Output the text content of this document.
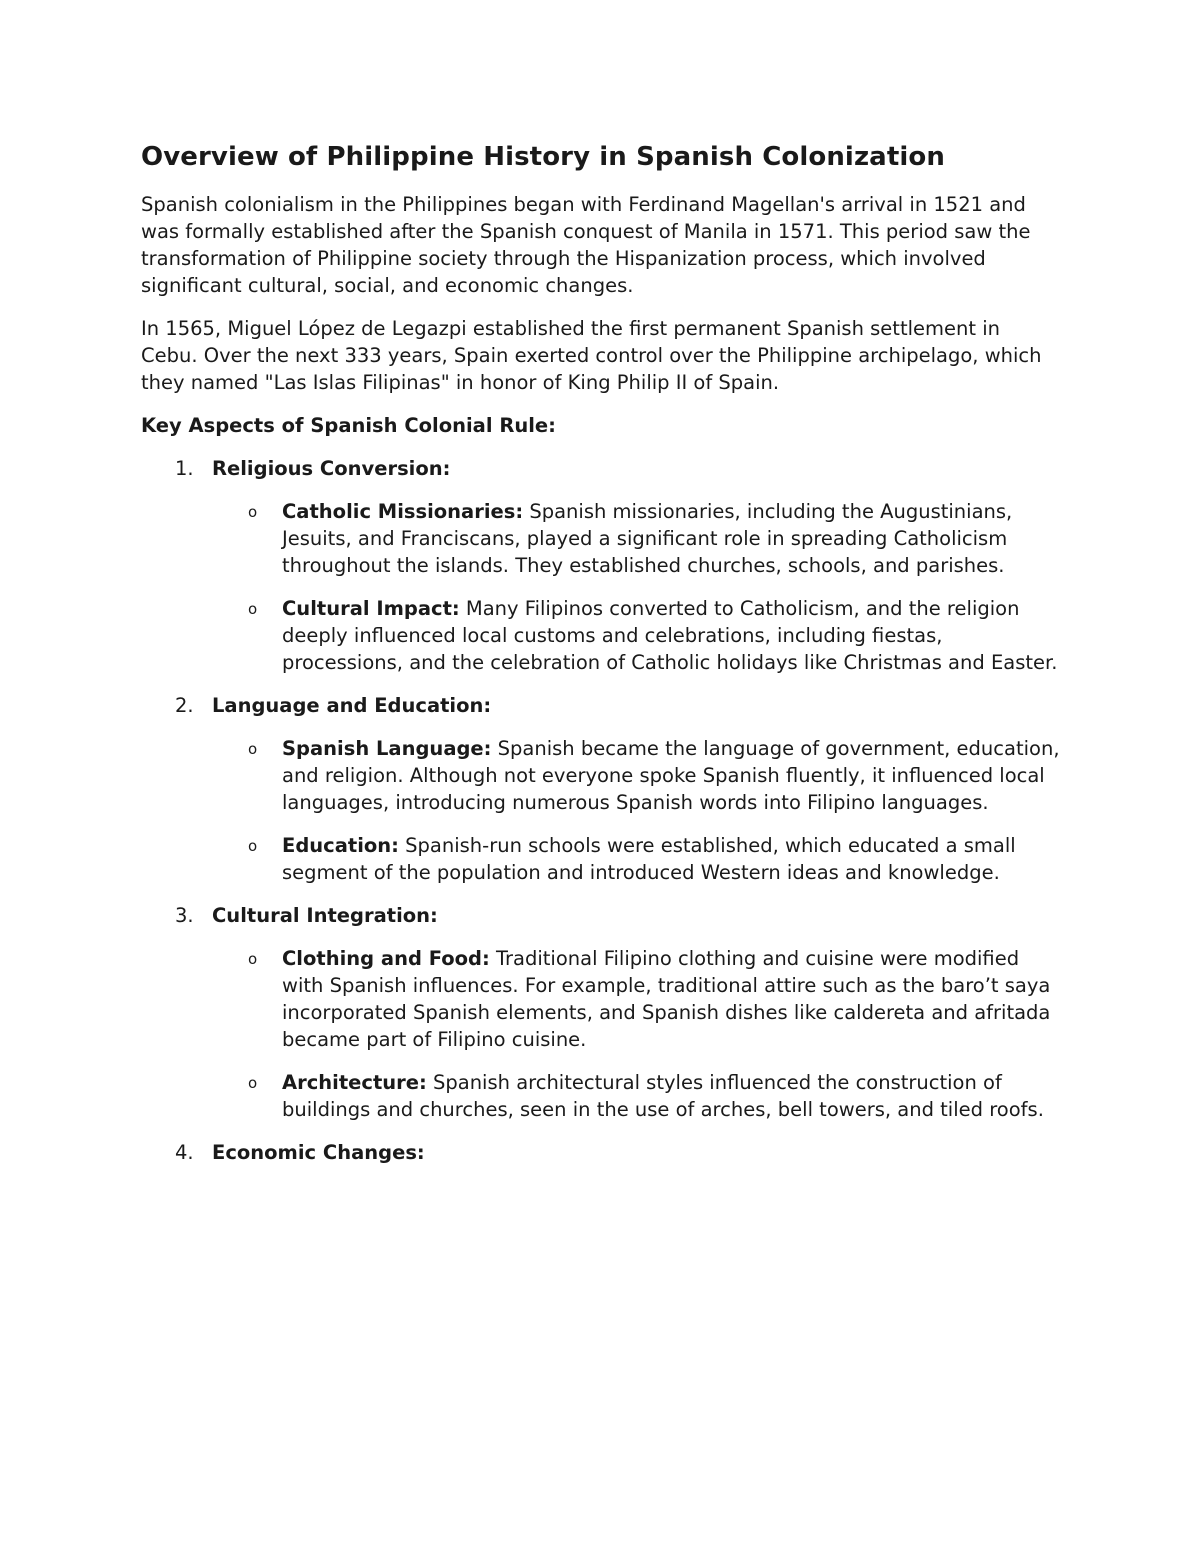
Overview of Philippine History in Spanish Colonization

Spanish colonialism in the Philippines began with Ferdinand Magellan's arrival in 1521 and was formally established after the Spanish conquest of Manila in 1571. This period saw the transformation of Philippine society through the Hispanization process, which involved significant cultural, social, and economic changes.

In 1565, Miguel López de Legazpi established the first permanent Spanish settlement in Cebu. Over the next 333 years, Spain exerted control over the Philippine archipelago, which they named "Las Islas Filipinas" in honor of King Philip II of Spain.

Key Aspects of Spanish Colonial Rule:
1. Religious Conversion:
o Catholic Missionaries: Spanish missionaries, including the Augustinians, Jesuits, and Franciscans, played a significant role in spreading Catholicism throughout the islands. They established churches, schools, and parishes.
o Cultural Impact: Many Filipinos converted to Catholicism, and the religion deeply influenced local customs and celebrations, including fiestas, processions, and the celebration of Catholic holidays like Christmas and Easter.
2. Language and Education:
o Spanish Language: Spanish became the language of government, education, and religion. Although not everyone spoke Spanish fluently, it influenced local languages, introducing numerous Spanish words into Filipino languages.
o Education: Spanish-run schools were established, which educated a small segment of the population and introduced Western ideas and knowledge.
3. Cultural Integration:
o Clothing and Food: Traditional Filipino clothing and cuisine were modified with Spanish influences. For example, traditional attire such as the baro’t saya incorporated Spanish elements, and Spanish dishes like caldereta and afritada became part of Filipino cuisine.
o Architecture: Spanish architectural styles influenced the construction of buildings and churches, seen in the use of arches, bell towers, and tiled roofs.
4. Economic Changes:
